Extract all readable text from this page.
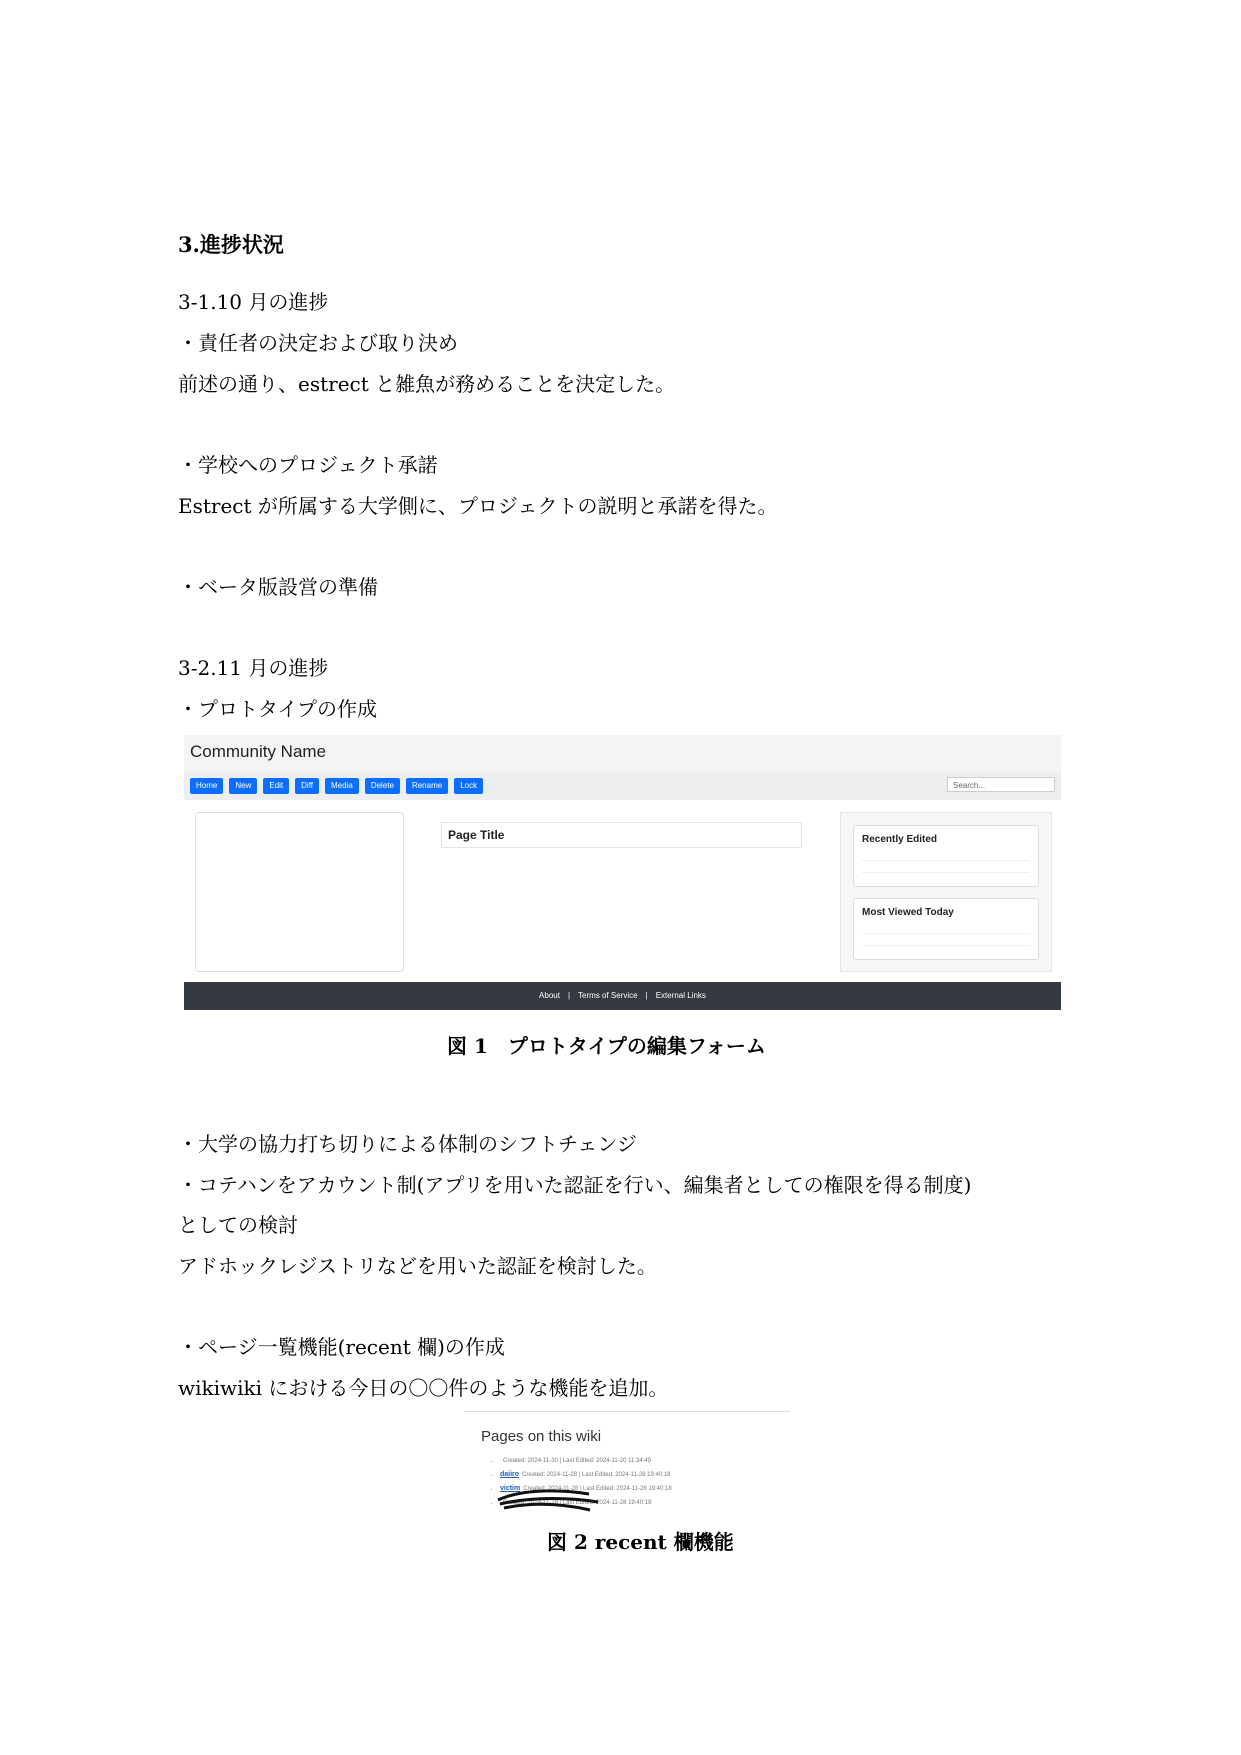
3.進捗状況
3-1.10 月の進捗
・責任者の決定および取り決め
前述の通り、estrect と雑魚が務めることを決定した。
・学校へのプロジェクト承諾
Estrect が所属する大学側に、プロジェクトの説明と承諾を得た。
・ベータ版設営の準備
3-2.11 月の進捗
・プロトタイプの作成
Community Name
Home	New	Edit	Diff	Media	Delete	Rename	Lock	Search...
Page Title	Recently Edited
Most Viewed Today
About | Terms of Service | External Links
図 1　プロトタイプの編集フォーム
・大学の協力打ち切りによる体制のシフトチェンジ
・コテハンをアカウント制(アプリを用いた認証を行い、編集者としての権限を得る制度)
としての検討
アドホックレジストリなどを用いた認証を検討した。
・ページ一覧機能(recent 欄)の作成
wikiwiki における今日の〇〇件のような機能を追加。
Pages on this wiki
• Created: 2024-11-30 | Last Edited: 2024-11-20 11:34:49
• daiiro Created: 2024-11-28 | Last Edited: 2024-11-28 19:40:18
• victim Created: 2024-11-28 | Last Edited: 2024-11-28 19:40:18
• Created: 2024-11-28 | Last Edited: 2024-11-28 19:40:18
図 2 recent 欄機能
